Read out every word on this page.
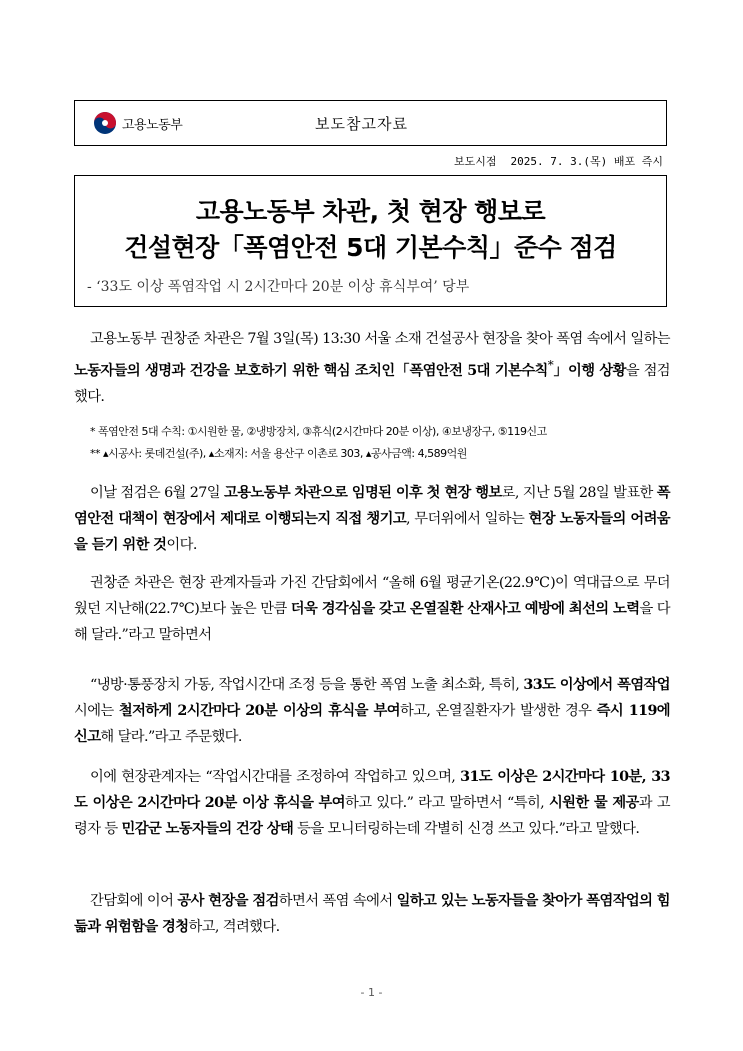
고용노동부	보도참고자료
보도시점 2025. 7. 3.(목) 배포 즉시
고용노동부 차관, 첫 현장 행보로
건설현장「폭염안전 5대 기본수칙」준수 점검
- ‘33도 이상 폭염작업 시 2시간마다 20분 이상 휴식부여’ 당부
고용노동부 권창준 차관은 7월 3일(목) 13:30 서울 소재 건설공사 현장을 찾아 폭염 속에서 일하는 노동자들의 생명과 건강을 보호하기 위한 핵심 조치인「폭염안전 5대 기본수칙*」이행 상황을 점검했다.
* 폭염안전 5대 수칙: ①시원한 물, ②냉방장치, ③휴식(2시간마다 20분 이상), ④보냉장구, ⑤119신고
** ▴시공사: 롯데건설(주), ▴소재지: 서울 용산구 이촌로 303, ▴공사금액: 4,589억원
이날 점검은 6월 27일 고용노동부 차관으로 임명된 이후 첫 현장 행보로, 지난 5월 28일 발표한 폭염안전 대책이 현장에서 제대로 이행되는지 직접 챙기고, 무더위에서 일하는 현장 노동자들의 어려움을 듣기 위한 것이다.
권창준 차관은 현장 관계자들과 가진 간담회에서 “올해 6월 평균기온(22.9℃)이 역대급으로 무더웠던 지난해(22.7℃)보다 높은 만큼 더욱 경각심을 갖고 온열질환 산재사고 예방에 최선의 노력을 다해 달라.”라고 말하면서
“냉방·통풍장치 가동, 작업시간대 조정 등을 통한 폭염 노출 최소화, 특히, 33도 이상에서 폭염작업 시에는 철저하게 2시간마다 20분 이상의 휴식을 부여하고, 온열질환자가 발생한 경우 즉시 119에 신고해 달라.”라고 주문했다.
이에 현장관계자는 “작업시간대를 조정하여 작업하고 있으며, 31도 이상은 2시간마다 10분, 33도 이상은 2시간마다 20분 이상 휴식을 부여하고 있다.” 라고 말하면서 “특히, 시원한 물 제공과 고령자 등 민감군 노동자들의 건강 상태 등을 모니터링하는데 각별히 신경 쓰고 있다.”라고 말했다.
간담회에 이어 공사 현장을 점검하면서 폭염 속에서 일하고 있는 노동자들을 찾아가 폭염작업의 힘듦과 위험함을 경청하고, 격려했다.
- 1 -
